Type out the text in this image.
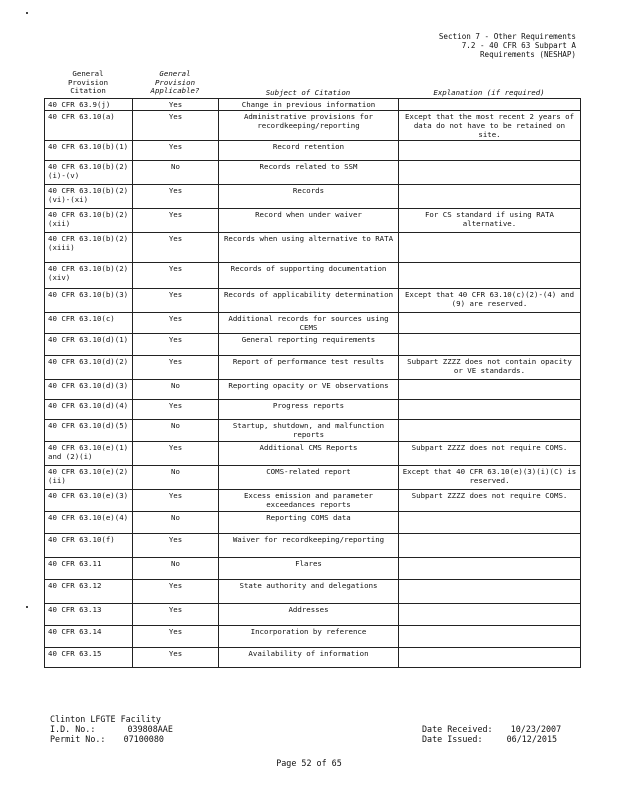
Section 7 - Other Requirements
7.2 - 40 CFR 63 Subpart A
Requirements (NESHAP)
General
Provision
Citation
General
Provision
Applicable?	Subject of Citation	Explanation (if required)
40 CFR 63.9(j)	Yes	Change in previous information	
40 CFR 63.10(a)	Yes	Administrative provisions for recordkeeping/reporting	Except that the most recent 2 years of data do not have to be retained on site.
40 CFR 63.10(b)(1)	Yes	Record retention	
40 CFR 63.10(b)(2)(i)-(v)	No	Records related to SSM	
40 CFR 63.10(b)(2)(vi)-(xi)	Yes	Records	
40 CFR 63.10(b)(2)(xii)	Yes	Record when under waiver	For CS standard if using RATA alternative.
40 CFR 63.10(b)(2)(xiii)	Yes	Records when using alternative to RATA	
40 CFR 63.10(b)(2)(xiv)	Yes	Records of supporting documentation	
40 CFR 63.10(b)(3)	Yes	Records of applicability determination	Except that 40 CFR 63.10(c)(2)-(4) and (9) are reserved.
40 CFR 63.10(c)	Yes	Additional records for sources using CEMS	
40 CFR 63.10(d)(1)	Yes	General reporting requirements	
40 CFR 63.10(d)(2)	Yes	Report of performance test results	Subpart ZZZZ does not contain opacity or VE standards.
40 CFR 63.10(d)(3)	No	Reporting opacity or VE observations	
40 CFR 63.10(d)(4)	Yes	Progress reports	
40 CFR 63.10(d)(5)	No	Startup, shutdown, and malfunction reports	
40 CFR 63.10(e)(1) and (2)(i)	Yes	Additional CMS Reports	Subpart ZZZZ does not require COMS.
40 CFR 63.10(e)(2)(ii)	No	COMS-related report	Except that 40 CFR 63.10(e)(3)(i)(C) is reserved.
40 CFR 63.10(e)(3)	Yes	Excess emission and parameter exceedances reports	Subpart ZZZZ does not require COMS.
40 CFR 63.10(e)(4)	No	Reporting COMS data	
40 CFR 63.10(f)	Yes	Waiver for recordkeeping/reporting	
40 CFR 63.11	No	Flares	
40 CFR 63.12	Yes	State authority and delegations	
40 CFR 63.13	Yes	Addresses	
40 CFR 63.14	Yes	Incorporation by reference	
40 CFR 63.15	Yes	Availability of information	
Clinton LFGTE Facility
I.D. No.:	039808AAE
Permit No.: 07100080
Date Received: 10/23/2007
Date Issued:	06/12/2015
Page 52 of 65
